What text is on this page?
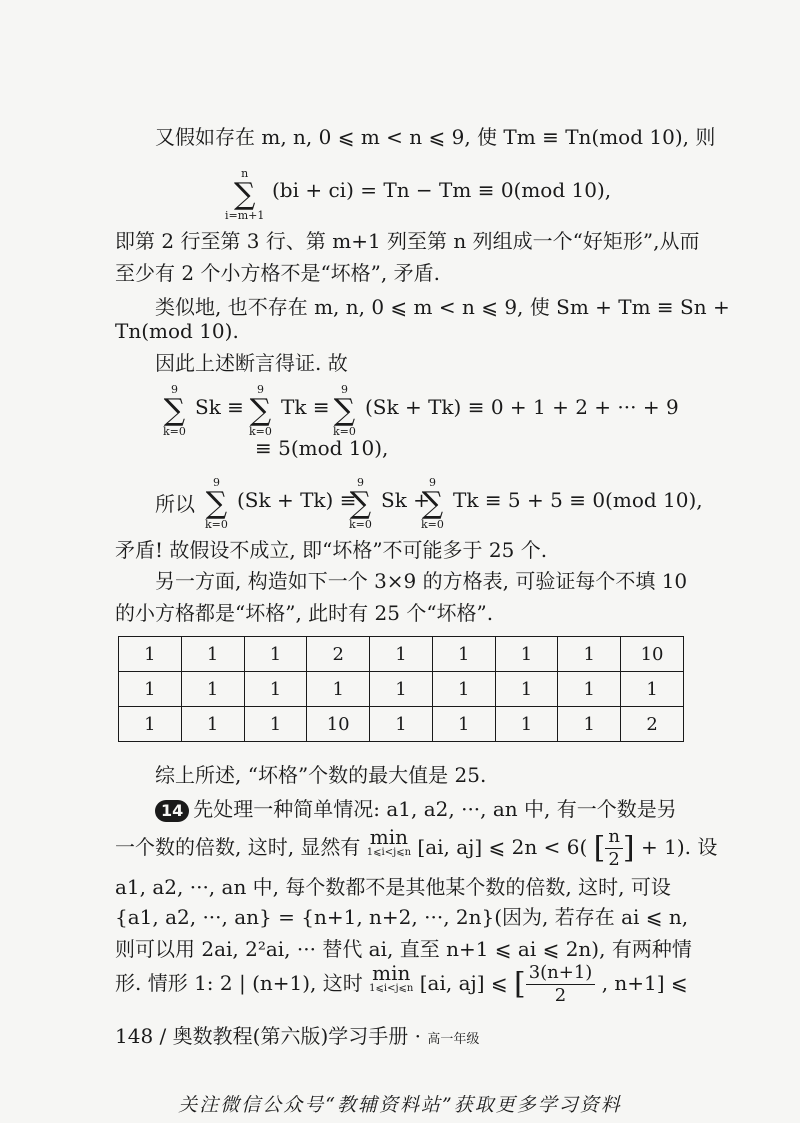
又假如存在 m, n, 0 ⩽ m < n ⩽ 9, 使 Tm ≡ Tn(mod 10), 则
n
∑
i=m+1
(bi + ci) = Tn − Tm ≡ 0(mod 10),
即第 2 行至第 3 行、第 m+1 列至第 n 列组成一个“好矩形”,从而
至少有 2 个小方格不是“坏格”, 矛盾.
类似地, 也不存在 m, n, 0 ⩽ m < n ⩽ 9, 使 Sm + Tm ≡ Sn +
Tn(mod 10).
因此上述断言得证. 故
9
∑
k=0
Sk ≡
9
∑
k=0
Tk ≡
9
∑
k=0
(Sk + Tk) ≡ 0 + 1 + 2 + ··· + 9
≡ 5(mod 10),
所以
9
∑
k=0
(Sk + Tk) ≡
9
∑
k=0
Sk +
9
∑
k=0
Tk ≡ 5 + 5 ≡ 0(mod 10),
矛盾! 故假设不成立, 即“坏格”不可能多于 25 个.
另一方面, 构造如下一个 3×9 的方格表, 可验证每个不填 10
的小方格都是“坏格”, 此时有 25 个“坏格”.
1	1	1	2	1	1	1	1	10
1	1	1	1	1	1	1	1	1
1	1	1	10	1	1	1	1	2
综上所述, “坏格”个数的最大值是 25.
14 先处理一种简单情况: a1, a2, ···, an 中, 有一个数是另
一个数的倍数, 这时, 显然有 min
1⩽i<j⩽n [ai, aj] ⩽ 2n < 6( [ $\frac{n}{2}$ ] + 1). 设
a1, a2, ···, an 中, 每个数都不是其他某个数的倍数, 这时, 可设
{a1, a2, ···, an} = {n+1, n+2, ···, 2n}(因为, 若存在 ai ⩽ n,
则可以用 2ai, 2²ai, ··· 替代 ai, 直至 n+1 ⩽ ai ⩽ 2n), 有两种情
形. 情形 1: 2 | (n+1), 这时 min
1⩽i<j⩽n [ai, aj] ⩽ [ $\frac{3(n+1)}{2}$ , n+1] ⩽
148 / 奥数教程(第六版)学习手册 · 高一年级
关注微信公众号“教辅资料站”获取更多学习资料
